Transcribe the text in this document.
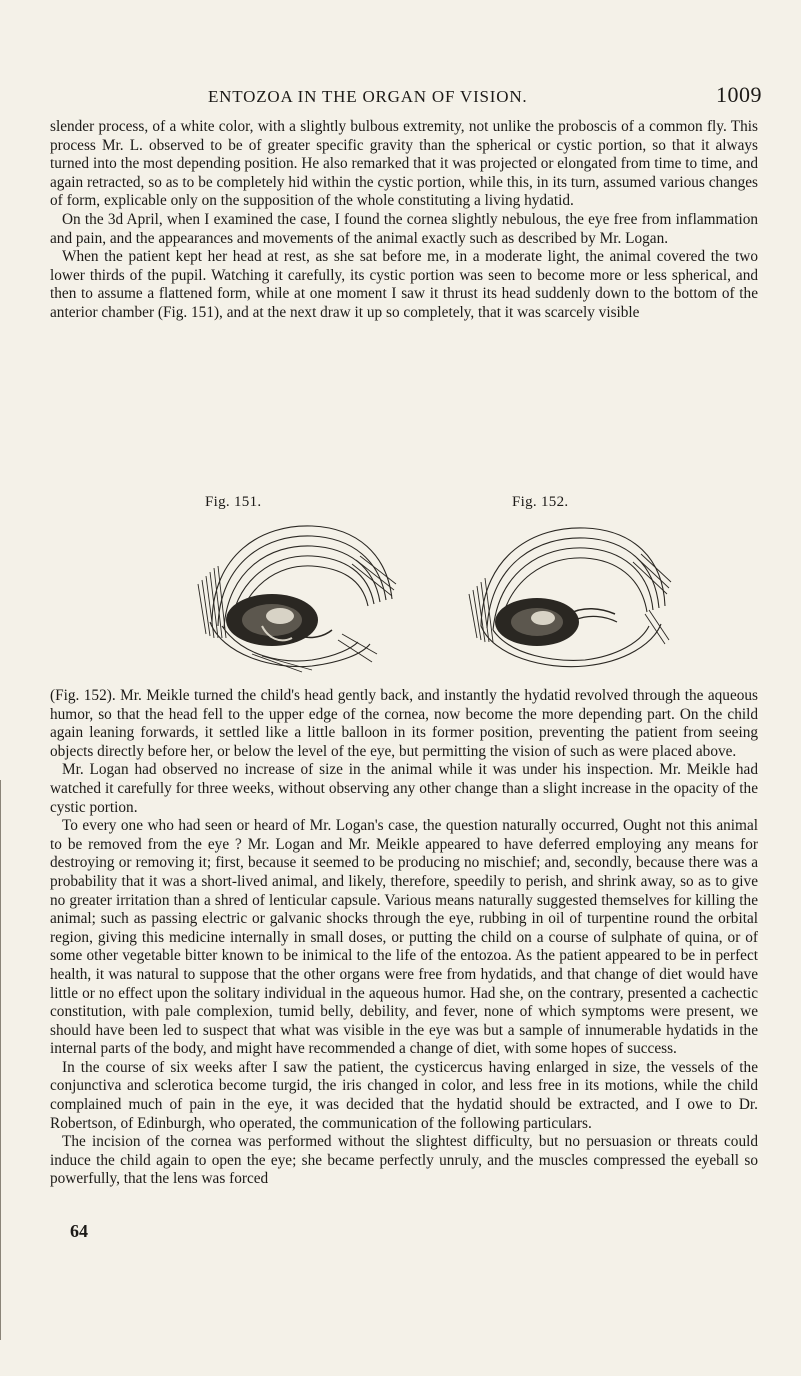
ENTOZOA IN THE ORGAN OF VISION.	1009
slender process, of a white color, with a slightly bulbous extremity, not unlike the proboscis of a common fly. This process Mr. L. observed to be of greater specific gravity than the spherical or cystic portion, so that it always turned into the most depending position. He also remarked that it was projected or elongated from time to time, and again retracted, so as to be completely hid within the cystic portion, while this, in its turn, assumed various changes of form, explicable only on the supposition of the whole constituting a living hydatid.
On the 3d April, when I examined the case, I found the cornea slightly nebulous, the eye free from inflammation and pain, and the appearances and movements of the animal exactly such as described by Mr. Logan.
When the patient kept her head at rest, as she sat before me, in a moderate light, the animal covered the two lower thirds of the pupil. Watching it carefully, its cystic portion was seen to become more or less spherical, and then to assume a flattened form, while at one moment I saw it thrust its head suddenly down to the bottom of the anterior chamber (Fig. 151), and at the next draw it up so completely, that it was scarcely visible
Fig. 151.	Fig. 152.
(Fig. 152). Mr. Meikle turned the child's head gently back, and instantly the hydatid revolved through the aqueous humor, so that the head fell to the upper edge of the cornea, now become the more depending part. On the child again leaning forwards, it settled like a little balloon in its former position, preventing the patient from seeing objects directly before her, or below the level of the eye, but permitting the vision of such as were placed above.
Mr. Logan had observed no increase of size in the animal while it was under his inspection. Mr. Meikle had watched it carefully for three weeks, without observing any other change than a slight increase in the opacity of the cystic portion.
To every one who had seen or heard of Mr. Logan's case, the question naturally occurred, Ought not this animal to be removed from the eye ? Mr. Logan and Mr. Meikle appeared to have deferred employing any means for destroying or removing it; first, because it seemed to be producing no mischief; and, secondly, because there was a probability that it was a short-lived animal, and likely, therefore, speedily to perish, and shrink away, so as to give no greater irritation than a shred of lenticular capsule. Various means naturally suggested themselves for killing the animal; such as passing electric or galvanic shocks through the eye, rubbing in oil of turpentine round the orbital region, giving this medicine internally in small doses, or putting the child on a course of sulphate of quina, or of some other vegetable bitter known to be inimical to the life of the entozoa. As the patient appeared to be in perfect health, it was natural to suppose that the other organs were free from hydatids, and that change of diet would have little or no effect upon the solitary individual in the aqueous humor. Had she, on the contrary, presented a cachectic constitution, with pale complexion, tumid belly, debility, and fever, none of which symptoms were present, we should have been led to suspect that what was visible in the eye was but a sample of innumerable hydatids in the internal parts of the body, and might have recommended a change of diet, with some hopes of success.
In the course of six weeks after I saw the patient, the cysticercus having enlarged in size, the vessels of the conjunctiva and sclerotica become turgid, the iris changed in color, and less free in its motions, while the child complained much of pain in the eye, it was decided that the hydatid should be extracted, and I owe to Dr. Robertson, of Edinburgh, who operated, the communication of the following particulars.
The incision of the cornea was performed without the slightest difficulty, but no persuasion or threats could induce the child again to open the eye; she became perfectly unruly, and the muscles compressed the eyeball so powerfully, that the lens was forced
64
